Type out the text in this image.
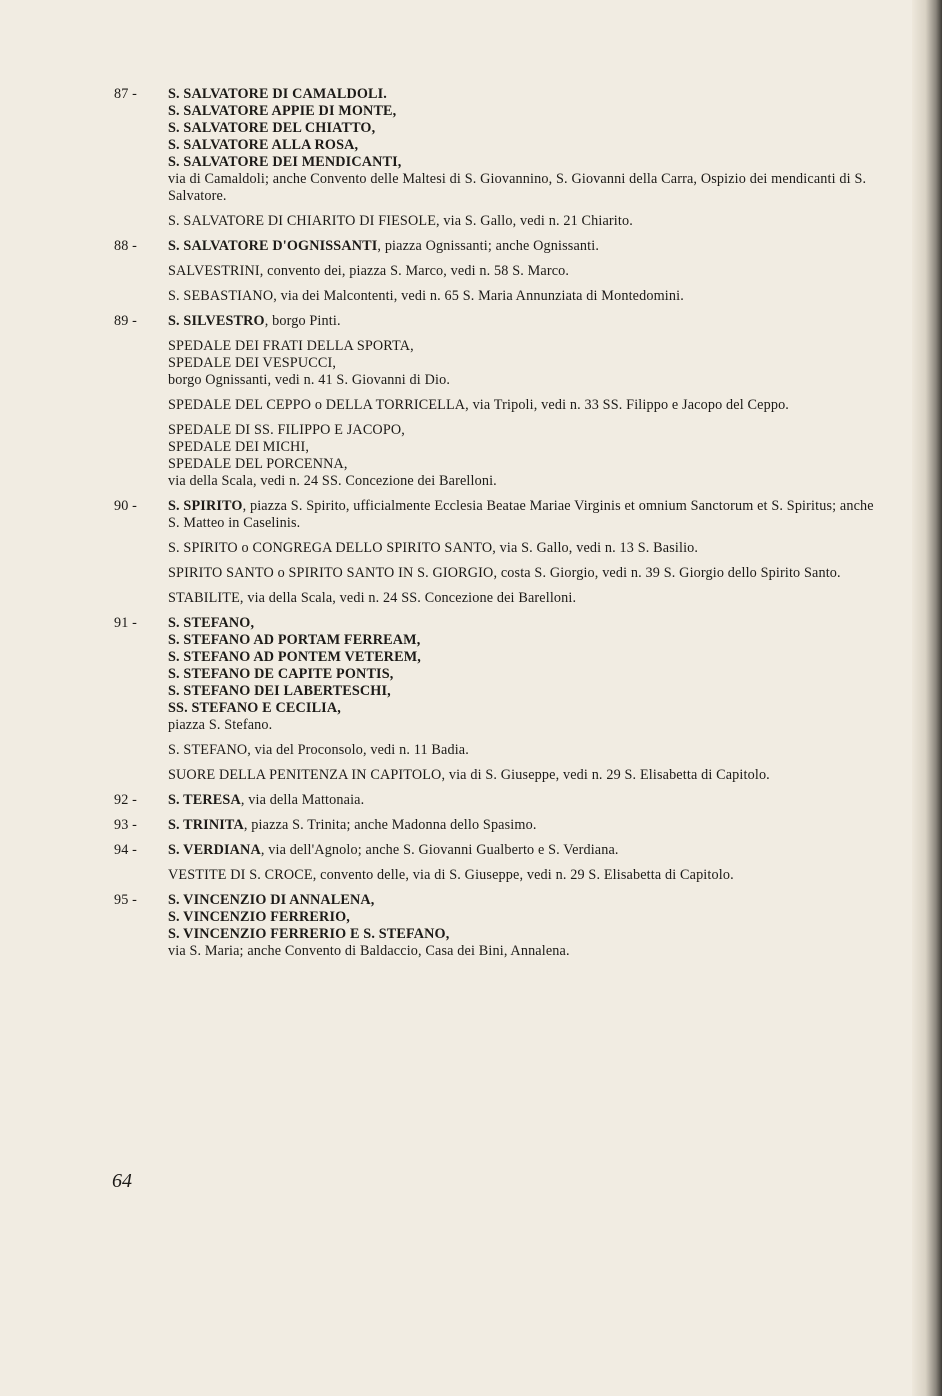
87 -	S. SALVATORE DI CAMALDOLI.
S. SALVATORE APPIE DI MONTE,
S. SALVATORE DEL CHIATTO,
S. SALVATORE ALLA ROSA,
S. SALVATORE DEI MENDICANTI,
via di Camaldoli; anche Convento delle Maltesi di S. Giovannino, S. Giovanni della Carra, Ospizio dei mendicanti di S. Salvatore.
S. SALVATORE DI CHIARITO DI FIESOLE, via S. Gallo, vedi n. 21 Chiarito.
88 -	S. SALVATORE D'OGNISSANTI, piazza Ognissanti; anche Ognissanti.
SALVESTRINI, convento dei, piazza S. Marco, vedi n. 58 S. Marco.
S. SEBASTIANO, via dei Malcontenti, vedi n. 65 S. Maria Annunziata di Montedomini.
89 -	S. SILVESTRO, borgo Pinti.
SPEDALE DEI FRATI DELLA SPORTA,
SPEDALE DEI VESPUCCI,
borgo Ognissanti, vedi n. 41 S. Giovanni di Dio.
SPEDALE DEL CEPPO o DELLA TORRICELLA, via Tripoli, vedi n. 33 SS. Filippo e Jacopo del Ceppo.
SPEDALE DI SS. FILIPPO E JACOPO,
SPEDALE DEI MICHI,
SPEDALE DEL PORCENNA,
via della Scala, vedi n. 24 SS. Concezione dei Barelloni.
90 -	S. SPIRITO, piazza S. Spirito, ufficialmente Ecclesia Beatae Mariae Virginis et omnium Sanctorum et S. Spiritus; anche S. Matteo in Caselinis.
S. SPIRITO o CONGREGA DELLO SPIRITO SANTO, via S. Gallo, vedi n. 13 S. Basilio.
SPIRITO SANTO o SPIRITO SANTO IN S. GIORGIO, costa S. Giorgio, vedi n. 39 S. Giorgio dello Spirito Santo.
STABILITE, via della Scala, vedi n. 24 SS. Concezione dei Barelloni.
91 -	S. STEFANO,
S. STEFANO AD PORTAM FERREAM,
S. STEFANO AD PONTEM VETEREM,
S. STEFANO DE CAPITE PONTIS,
S. STEFANO DEI LABERTESCHI,
SS. STEFANO E CECILIA,
piazza S. Stefano.
S. STEFANO, via del Proconsolo, vedi n. 11 Badia.
SUORE DELLA PENITENZA IN CAPITOLO, via di S. Giuseppe, vedi n. 29 S. Elisabetta di Capitolo.
92 -	S. TERESA, via della Mattonaia.
93 -	S. TRINITA, piazza S. Trinita; anche Madonna dello Spasimo.
94 -	S. VERDIANA, via dell'Agnolo; anche S. Giovanni Gualberto e S. Verdiana.
VESTITE DI S. CROCE, convento delle, via di S. Giuseppe, vedi n. 29 S. Elisabetta di Capitolo.
95 -	S. VINCENZIO DI ANNALENA,
S. VINCENZIO FERRERIO,
S. VINCENZIO FERRERIO E S. STEFANO,
via S. Maria; anche Convento di Baldaccio, Casa dei Bini, Annalena.
64
